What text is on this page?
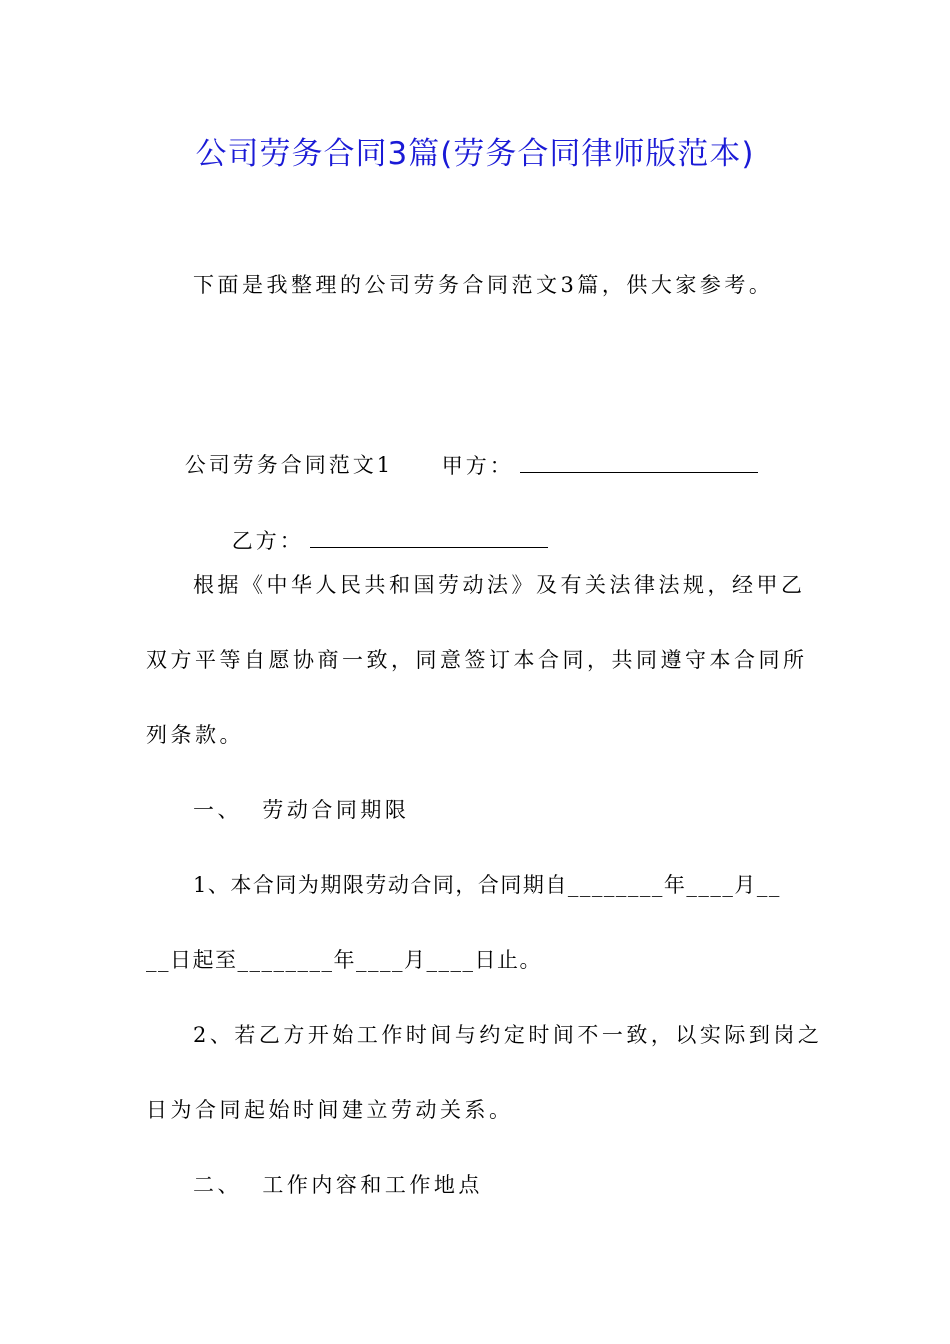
公司劳务合同3篇(劳务合同律师版范本)
下面是我整理的公司劳务合同范文3篇，供大家参考。

公司劳务合同范文1
	甲方：

乙方：

根据《中华人民共和国劳动法》及有关法律法规，经甲乙
双方平等自愿协商一致，同意签订本合同，共同遵守本合同所
列条款。
一、  劳动合同期限
1、本合同为期限劳动合同，合同期自________年____月__
__日起至________年____月____日止。
2、若乙方开始工作时间与约定时间不一致，以实际到岗之
日为合同起始时间建立劳动关系。
二、  工作内容和工作地点
